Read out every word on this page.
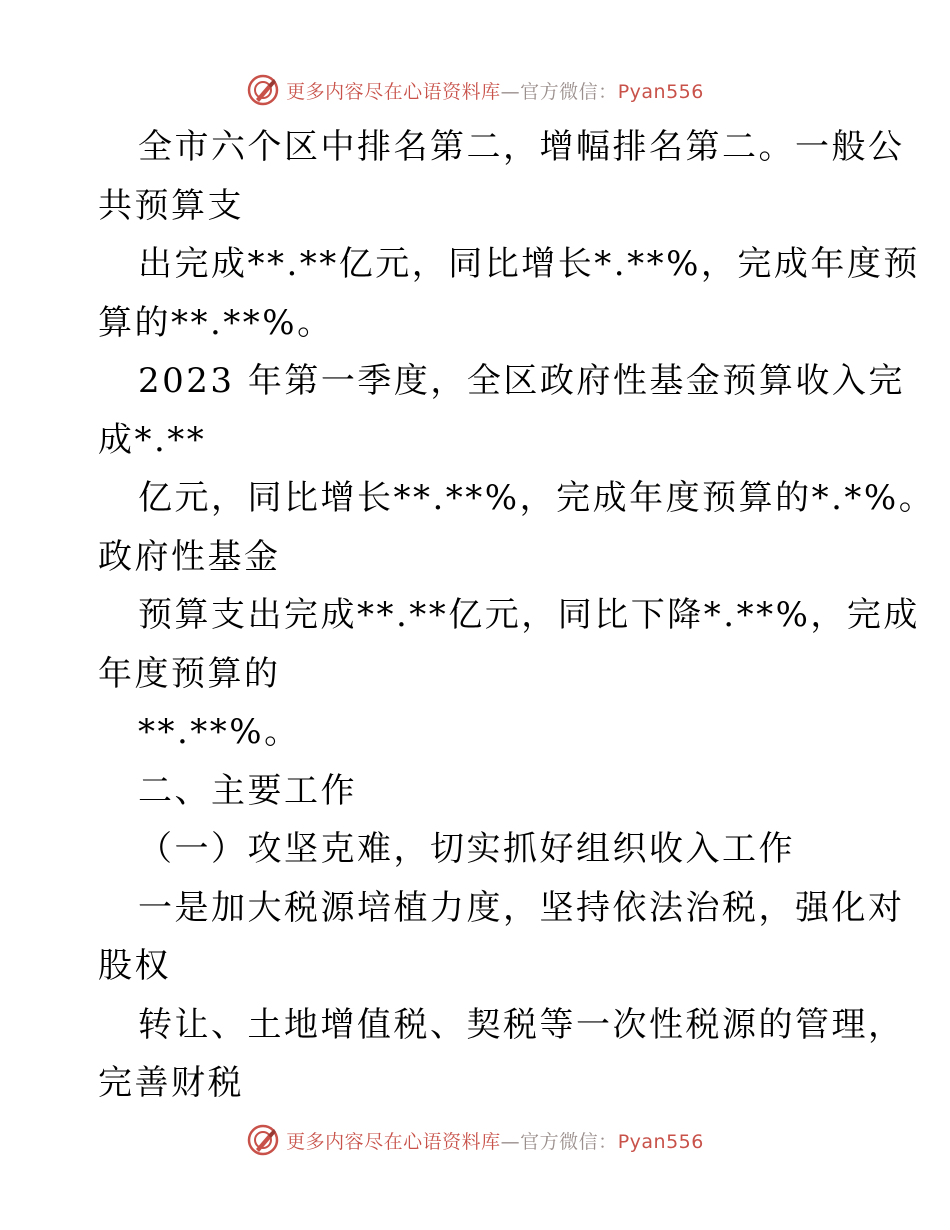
更多内容尽在心语资料库—官方微信：Pyan556
全市六个区中排名第二，增幅排名第二。一般公
共预算支
出完成**.**亿元，同比增长*.**%，完成年度预
算的**.**%。
2023 年第一季度，全区政府性基金预算收入完
成*.**
亿元，同比增长**.**%，完成年度预算的*.*%。
政府性基金
预算支出完成**.**亿元，同比下降*.**%，完成
年度预算的
**.**%。
二、主要工作
（一）攻坚克难，切实抓好组织收入工作
一是加大税源培植力度，坚持依法治税，强化对
股权
转让、土地增值税、契税等一次性税源的管理，
完善财税
更多内容尽在心语资料库—官方微信：Pyan556
